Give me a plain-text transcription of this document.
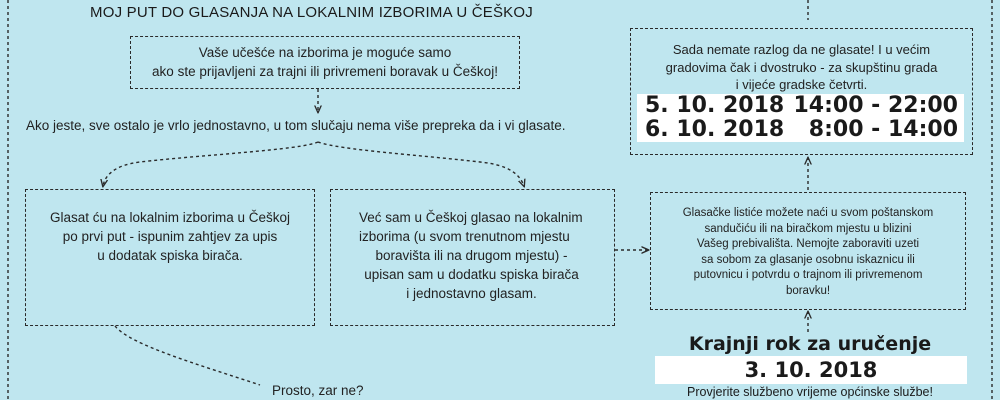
MOJ PUT DO GLASANJA NA LOKALNIM IZBORIMA U ČEŠKOJ
Vaše učešće na izborima je moguće samo
ako ste prijavljeni za trajni ili privremeni boravak u Češkoj!
Ako jeste, sve ostalo je vrlo jednostavno, u tom slučaju nema više prepreka da i vi glasate.
Glasat ću na lokalnim izborima u Češkoj
po prvi put - ispunim zahtjev za upis
u dodatak spiska birača.
Već sam u Češkoj glasao na lokalnim
izborima (u svom trenutnom mjestu
boravišta ili na drugom mjestu) -
upisan sam u dodatku spiska birača
i jednostavno glasam.
Prosto, zar ne?
Glasačke listiće možete naći u svom poštanskom
sandučiću ili na biračkom mjestu u blizini
Vašeg prebivališta. Nemojte zaboraviti uzeti
sa sobom za glasanje osobnu iskaznicu ili
putovnicu i potvrdu o trajnom ili privremenom
boravku!
Sada nemate razlog da ne glasate! I u većim
gradovima čak i dvostruko - za skupštinu grada
i vijeće gradske četvrti.
5. 10. 2018 14:00 - 22:00
6. 10. 2018 8:00 - 14:00
Krajnji rok za uručenje
3. 10. 2018
Provjerite službeno vrijeme općinske službe!
